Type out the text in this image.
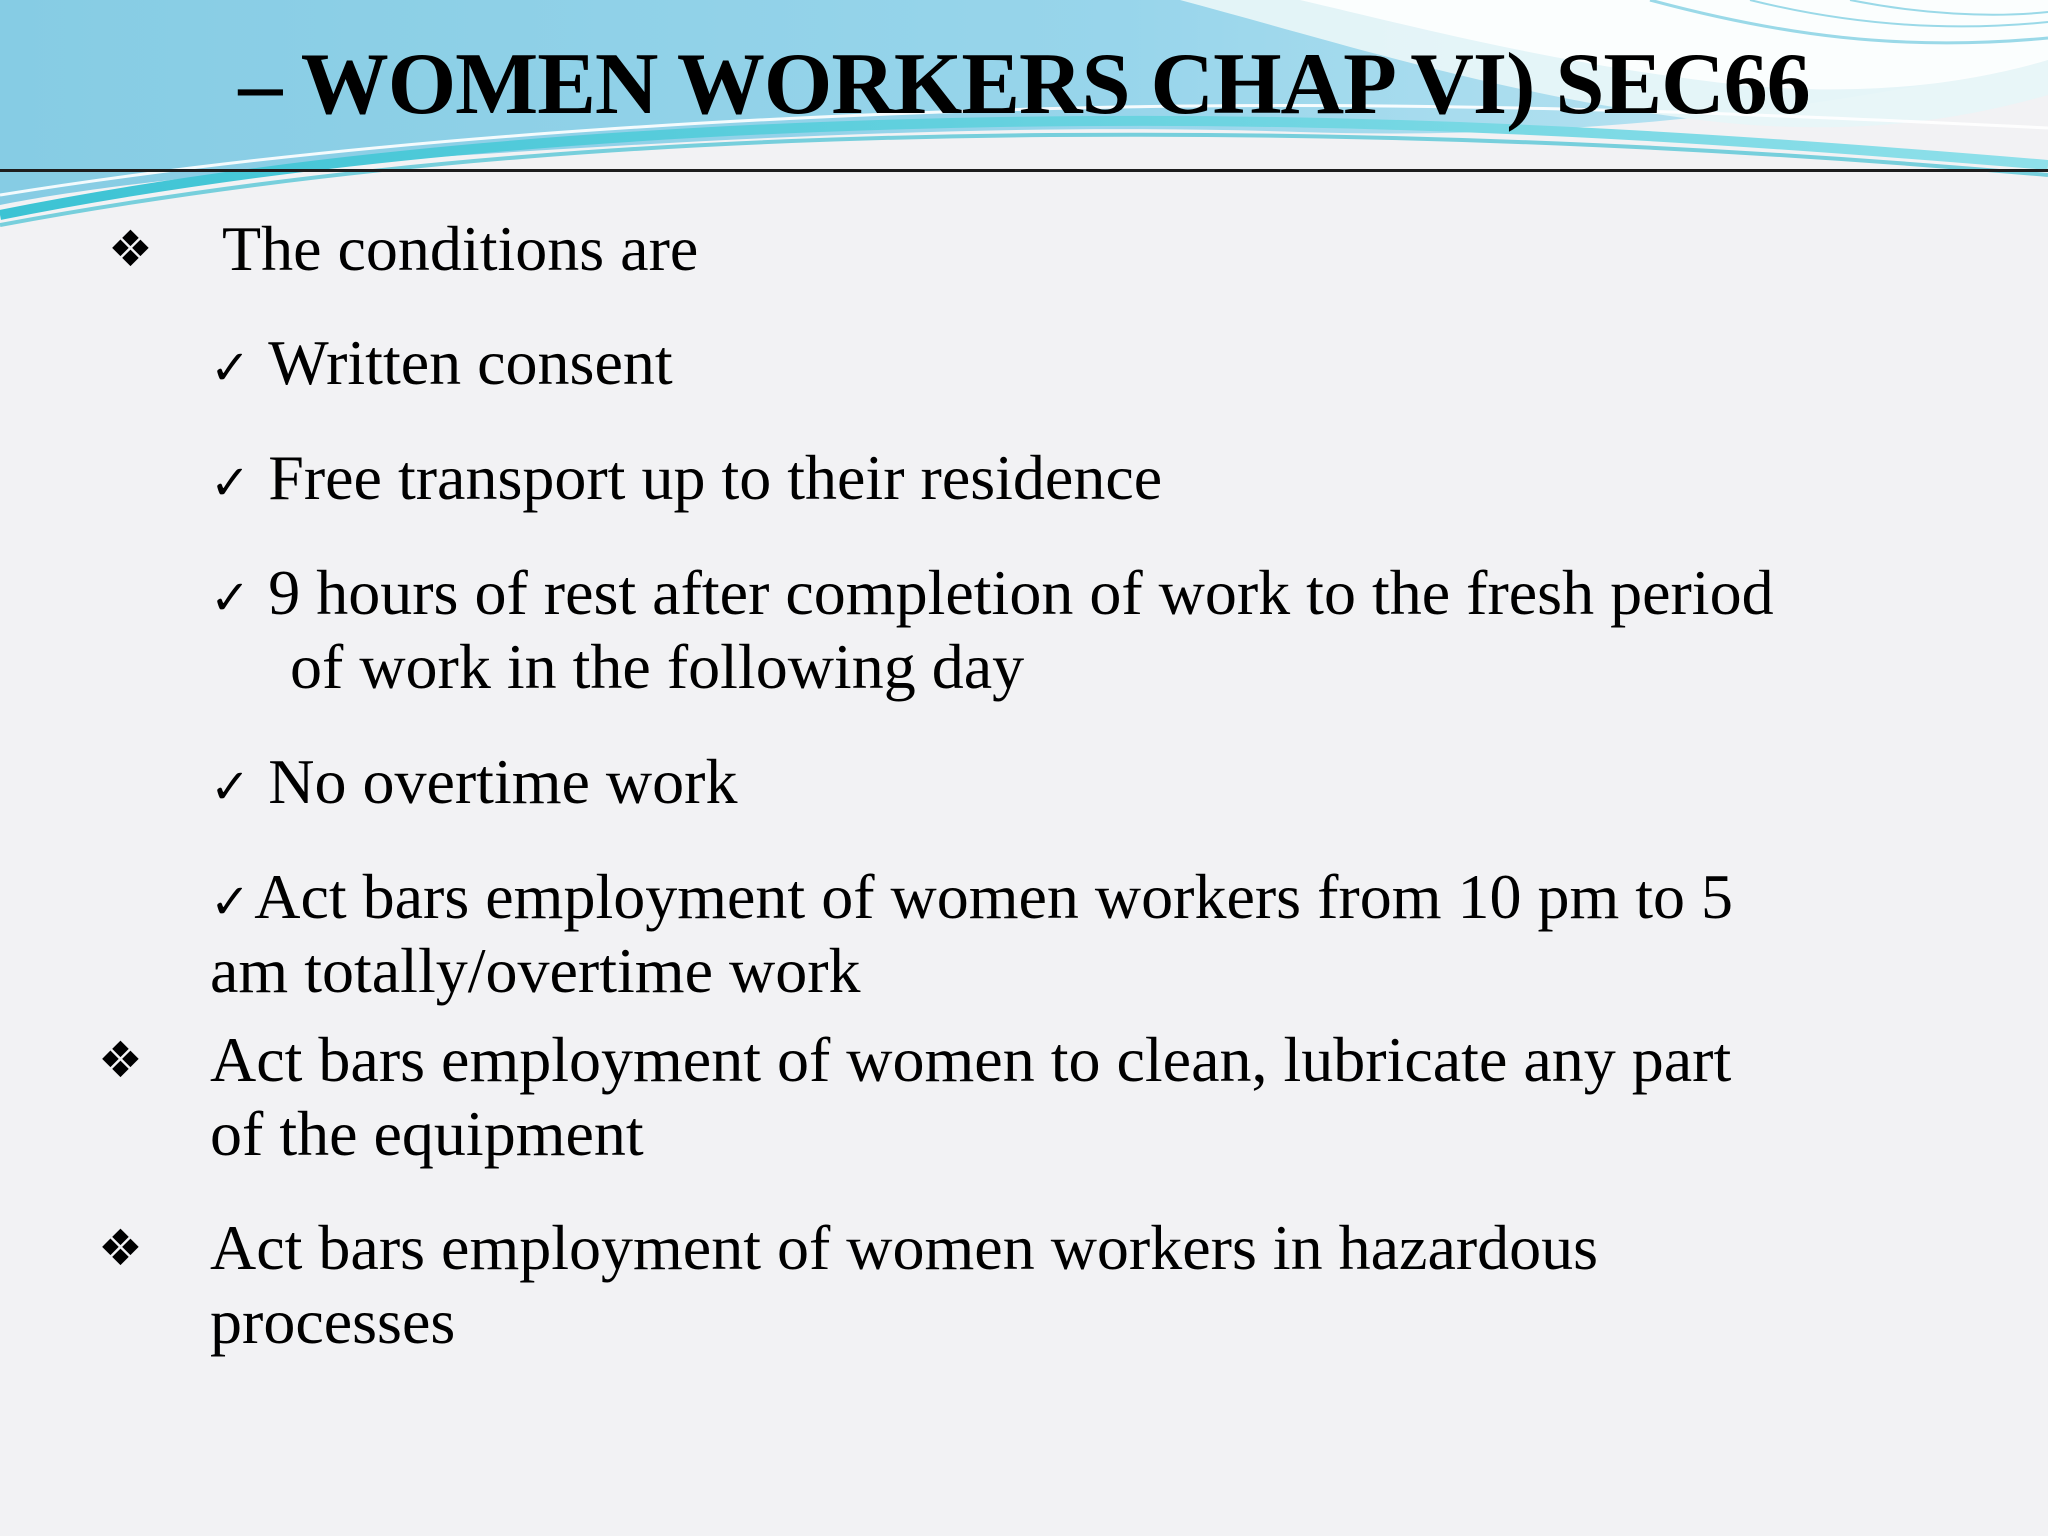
– WOMEN WORKERS CHAP VI) SEC66
❖ The conditions are
✓ Written consent
✓ Free transport up to their residence
✓ 9 hours of rest after completion of work to the fresh period
of work in the following day
✓ No overtime work
✓Act bars employment of women workers from 10 pm to 5
am totally/overtime work
❖ Act bars employment of women to clean, lubricate any part
of the equipment
❖ Act bars employment of women workers in hazardous
processes
